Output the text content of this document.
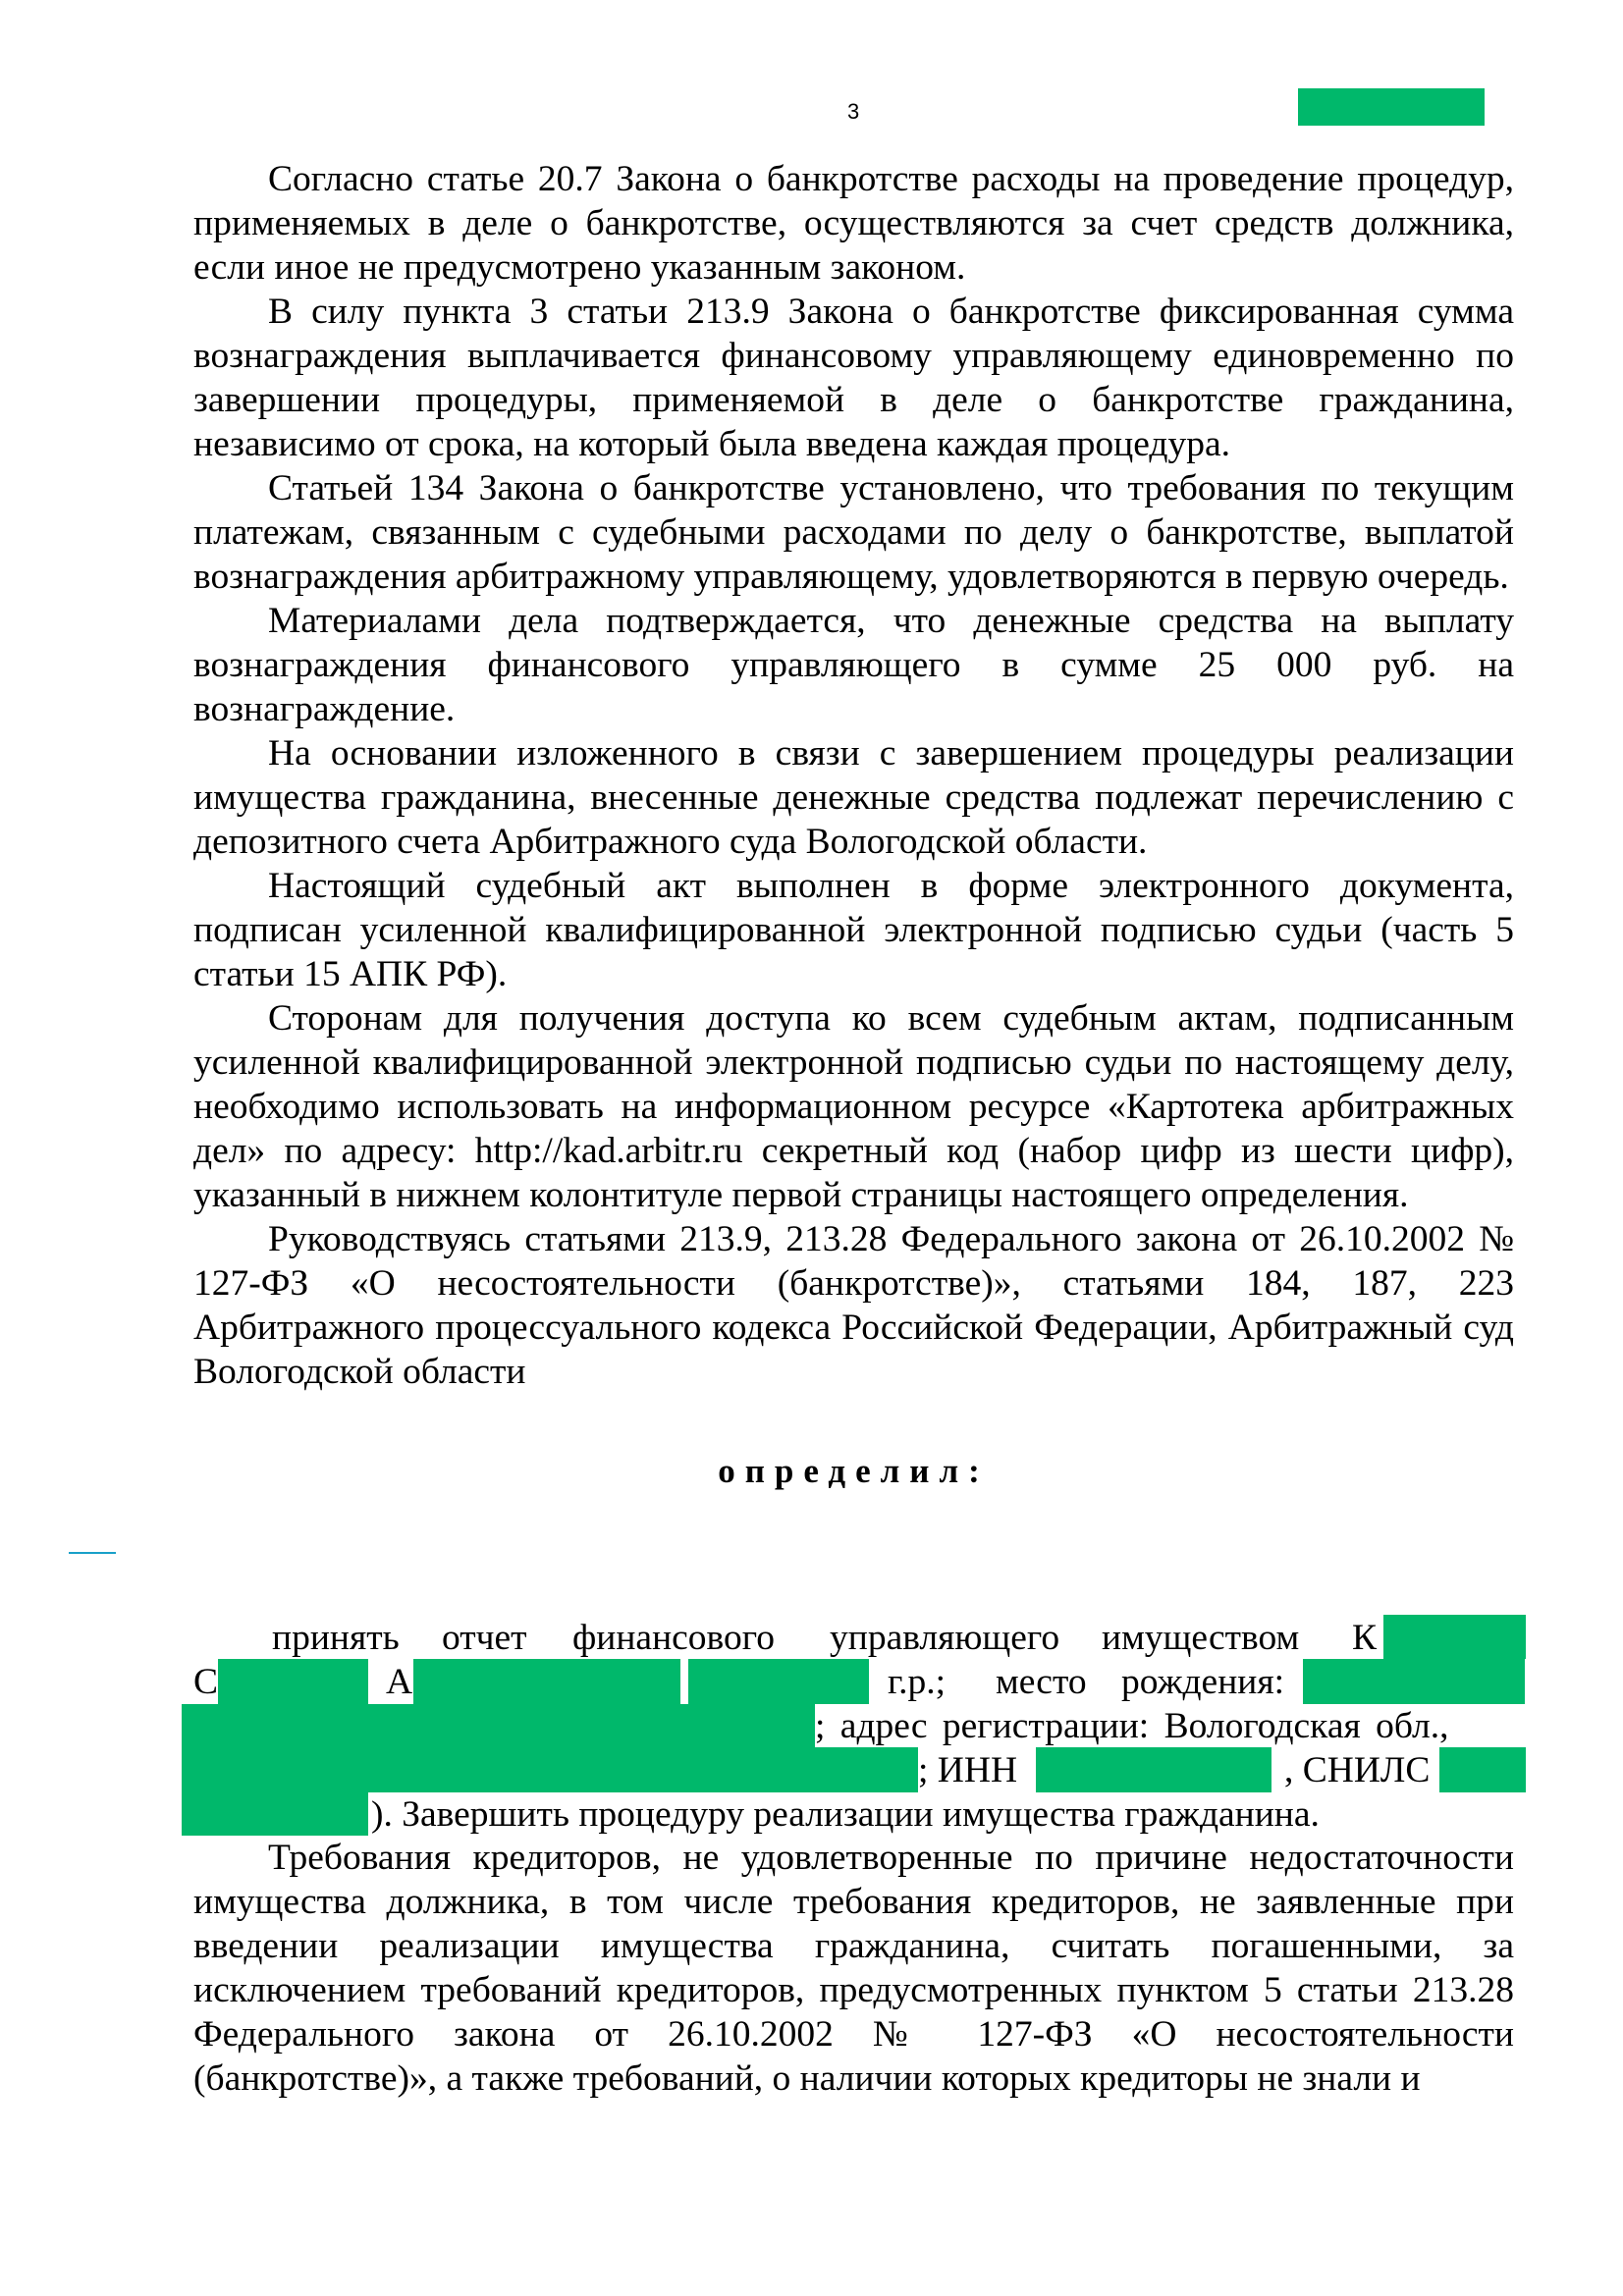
3

Согласно статье 20.7 Закона о банкротстве расходы на проведение процедур, применяемых в деле о банкротстве, осуществляются за счет средств должника, если иное не предусмотрено указанным законом.

В силу пункта 3 статьи 213.9 Закона о банкротстве фиксированная сумма вознаграждения выплачивается финансовому управляющему единовременно по завершении процедуры, применяемой в деле о банкротстве гражданина, независимо от срока, на который была введена каждая процедура.

Статьей 134 Закона о банкротстве установлено, что требования по текущим платежам, связанным с судебными расходами по делу о банкротстве, выплатой вознаграждения арбитражному управляющему, удовлетворяются в первую очередь.

Материалами дела подтверждается, что денежные средства на выплату вознаграждения финансового управляющего в сумме 25 000 руб. на вознаграждение.

На основании изложенного в связи с завершением процедуры реализации имущества гражданина, внесенные денежные средства подлежат перечислению с депозитного счета Арбитражного суда Вологодской области.

Настоящий судебный акт выполнен в форме электронного документа, подписан усиленной квалифицированной электронной подписью судьи (часть 5 статьи 15 АПК РФ).

Сторонам для получения доступа ко всем судебным актам, подписанным усиленной квалифицированной электронной подписью судьи по настоящему делу, необходимо использовать на информационном ресурсе «Картотека арбитражных дел» по адресу: http://kad.arbitr.ru секретный код (набор цифр из шести цифр), указанный в нижнем колонтитуле первой страницы настоящего определения.

Руководствуясь статьями 213.9, 213.28 Федерального закона от 26.10.2002 № 127-ФЗ «О несостоятельности (банкротстве)», статьями 184, 187, 223 Арбитражного процессуального кодекса Российской Федерации, Арбитражный суд Вологодской области

определил:
принять отчет финансового управляющего имуществом К
С	А	г.р.; место рождения:
; адрес регистрации: Вологодская обл.,
; ИНН	, СНИЛС
). Завершить процедуру реализации имущества гражданина.

Требования кредиторов, не удовлетворенные по причине недостаточности имущества должника, в том числе требования кредиторов, не заявленные при введении реализации имущества гражданина, считать погашенными, за исключением требований кредиторов, предусмотренных пунктом 5 статьи 213.28 Федерального закона от 26.10.2002 № 127-ФЗ «О несостоятельности (банкротстве)», а также требований, о наличии которых кредиторы не знали и
